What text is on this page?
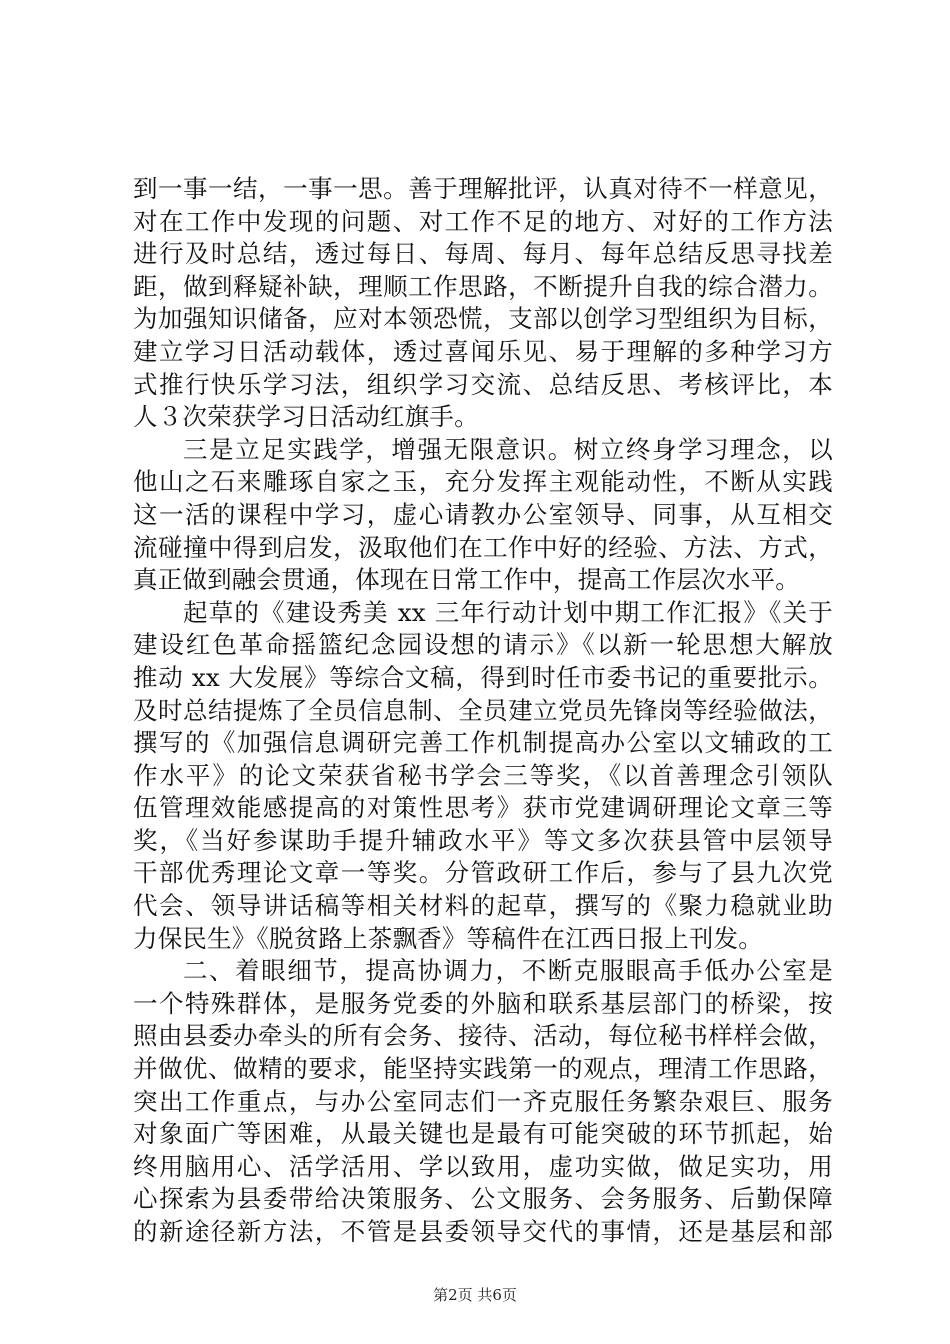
到一事一结，一事一思。善于理解批评，认真对待不一样意见，
对在工作中发现的问题、对工作不足的地方、对好的工作方法
进行及时总结，透过每日、每周、每月、每年总结反思寻找差
距，做到释疑补缺，理顺工作思路，不断提升自我的综合潜力。
为加强知识储备，应对本领恐慌，支部以创学习型组织为目标，
建立学习日活动载体，透过喜闻乐见、易于理解的多种学习方
式推行快乐学习法，组织学习交流、总结反思、考核评比，本
人３次荣获学习日活动红旗手。
三是立足实践学，增强无限意识。树立终身学习理念，以
他山之石来雕琢自家之玉，充分发挥主观能动性，不断从实践
这一活的课程中学习，虚心请教办公室领导、同事，从互相交
流碰撞中得到启发，汲取他们在工作中好的经验、方法、方式，
真正做到融会贯通，体现在日常工作中，提高工作层次水平。
起草的《建设秀美 xx 三年行动计划中期工作汇报》《关于
建设红色革命摇篮纪念园设想的请示》《以新一轮思想大解放
推动 xx 大发展》等综合文稿，得到时任市委书记的重要批示。
及时总结提炼了全员信息制、全员建立党员先锋岗等经验做法，
撰写的《加强信息调研完善工作机制提高办公室以文辅政的工
作水平》的论文荣获省秘书学会三等奖，《以首善理念引领队
伍管理效能感提高的对策性思考》获市党建调研理论文章三等
奖，《当好参谋助手提升辅政水平》等文多次获县管中层领导
干部优秀理论文章一等奖。分管政研工作后，参与了县九次党
代会、领导讲话稿等相关材料的起草，撰写的《聚力稳就业助
力保民生》《脱贫路上茶飘香》等稿件在江西日报上刊发。
二、着眼细节，提高协调力，不断克服眼高手低办公室是
一个特殊群体，是服务党委的外脑和联系基层部门的桥梁，按
照由县委办牵头的所有会务、接待、活动，每位秘书样样会做，
并做优、做精的要求，能坚持实践第一的观点，理清工作思路，
突出工作重点，与办公室同志们一齐克服任务繁杂艰巨、服务
对象面广等困难，从最关键也是最有可能突破的环节抓起，始
终用脑用心、活学活用、学以致用，虚功实做，做足实功，用
心探索为县委带给决策服务、公文服务、会务服务、后勤保障
的新途径新方法，不管是县委领导交代的事情，还是基层和部
第2页 共6页
